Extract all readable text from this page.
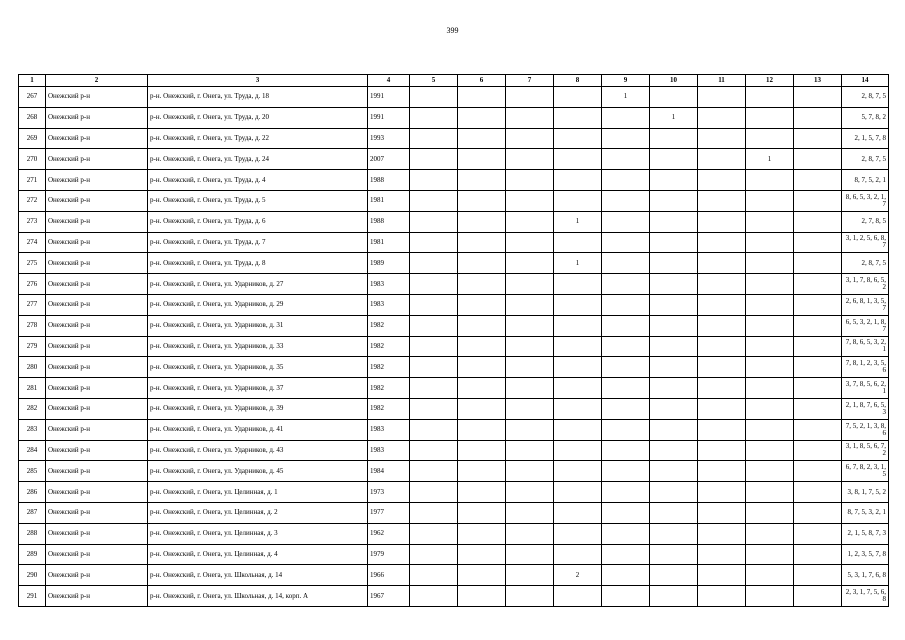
399
1	2	3	4	5	6	7	8	9	10	11	12	13	14
267	Онежский р-н	р-н. Онежский, г. Онега, ул. Труда, д. 18	1991					1					2, 8, 7, 5
268	Онежский р-н	р-н. Онежский, г. Онега, ул. Труда, д. 20	1991						1				5, 7, 8, 2
269	Онежский р-н	р-н. Онежский, г. Онега, ул. Труда, д. 22	1993										2, 1, 5, 7, 8
270	Онежский р-н	р-н. Онежский, г. Онега, ул. Труда, д. 24	2007								1		2, 8, 7, 5
271	Онежский р-н	р-н. Онежский, г. Онега, ул. Труда, д. 4	1988										8, 7, 5, 2, 1
272	Онежский р-н	р-н. Онежский, г. Онега, ул. Труда, д. 5	1981										8, 6, 5, 3, 2, 1, 7
273	Онежский р-н	р-н. Онежский, г. Онега, ул. Труда, д. 6	1988				1						2, 7, 8, 5
274	Онежский р-н	р-н. Онежский, г. Онега, ул. Труда, д. 7	1981										3, 1, 2, 5, 6, 8, 7
275	Онежский р-н	р-н. Онежский, г. Онега, ул. Труда, д. 8	1989				1						2, 8, 7, 5
276	Онежский р-н	р-н. Онежский, г. Онега, ул. Ударников, д. 27	1983										3, 1, 7, 8, 6, 5, 2
277	Онежский р-н	р-н. Онежский, г. Онега, ул. Ударников, д. 29	1983										2, 6, 8, 1, 3, 5, 7
278	Онежский р-н	р-н. Онежский, г. Онега, ул. Ударников, д. 31	1982										6, 5, 3, 2, 1, 8, 7
279	Онежский р-н	р-н. Онежский, г. Онега, ул. Ударников, д. 33	1982										7, 8, 6, 5, 3, 2, 1
280	Онежский р-н	р-н. Онежский, г. Онега, ул. Ударников, д. 35	1982										7, 8, 1, 2, 3, 5, 6
281	Онежский р-н	р-н. Онежский, г. Онега, ул. Ударников, д. 37	1982										3, 7, 8, 5, 6, 2, 1
282	Онежский р-н	р-н. Онежский, г. Онега, ул. Ударников, д. 39	1982										2, 1, 8, 7, 6, 5, 3
283	Онежский р-н	р-н. Онежский, г. Онега, ул. Ударников, д. 41	1983										7, 5, 2, 1, 3, 8, 6
284	Онежский р-н	р-н. Онежский, г. Онега, ул. Ударников, д. 43	1983										3, 1, 8, 5, 6, 7, 2
285	Онежский р-н	р-н. Онежский, г. Онега, ул. Ударников, д. 45	1984										6, 7, 8, 2, 3, 1, 5
286	Онежский р-н	р-н. Онежский, г. Онега, ул. Целинная, д. 1	1973										3, 8, 1, 7, 5, 2
287	Онежский р-н	р-н. Онежский, г. Онега, ул. Целинная, д. 2	1977										8, 7, 5, 3, 2, 1
288	Онежский р-н	р-н. Онежский, г. Онега, ул. Целинная, д. 3	1962										2, 1, 5, 8, 7, 3
289	Онежский р-н	р-н. Онежский, г. Онега, ул. Целинная, д. 4	1979										1, 2, 3, 5, 7, 8
290	Онежский р-н	р-н. Онежский, г. Онега, ул. Школьная, д. 14	1966				2						5, 3, 1, 7, 6, 8
291	Онежский р-н	р-н. Онежский, г. Онега, ул. Школьная, д. 14, корп. А	1967										2, 3, 1, 7, 5, 6, 8
